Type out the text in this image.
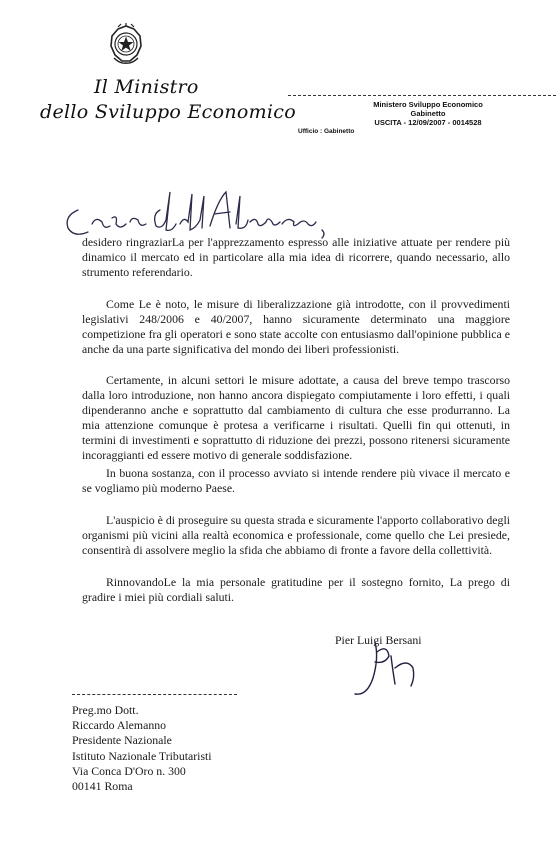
Il Ministro
dello Sviluppo Economico	Ministero Sviluppo Economico
Gabinetto
USCITA - 12/09/2007 - 0014528
Ufficio : Gabinetto
Caro Alemanno,
desidero ringraziarLa per l'apprezzamento espresso alle iniziative attuate per rendere più dinamico il mercato ed in particolare alla mia idea di ricorrere, quando necessario, allo strumento referendario.
Come Le è noto, le misure di liberalizzazione già introdotte, con il provvedimenti legislativi 248/2006 e 40/2007, hanno sicuramente determinato una maggiore competizione fra gli operatori e sono state accolte con entusiasmo dall'opinione pubblica e anche da una parte significativa del mondo dei liberi professionisti.
Certamente, in alcuni settori le misure adottate, a causa del breve tempo trascorso dalla loro introduzione, non hanno ancora dispiegato compiutamente i loro effetti, i quali dipenderanno anche e soprattutto dal cambiamento di cultura che esse produrranno. La mia attenzione comunque è protesa a verificarne i risultati. Quelli fin qui ottenuti, in termini di investimenti e soprattutto di riduzione dei prezzi, possono ritenersi sicuramente incoraggianti ed essere motivo di generale soddisfazione.
In buona sostanza, con il processo avviato si intende rendere più vivace il mercato e se vogliamo più moderno Paese.
L'auspicio è di proseguire su questa strada e sicuramente l'apporto collaborativo degli organismi più vicini alla realtà economica e professionale, come quello che Lei presiede, consentirà di assolvere meglio la sfida che abbiamo di fronte a favore della collettività.
RinnovandoLe la mia personale gratitudine per il sostegno fornito, La prego di gradire i miei più cordiali saluti.
Pier Luigi Bersani
Preg.mo Dott.
Riccardo Alemanno
Presidente Nazionale
Istituto Nazionale Tributaristi
Via Conca D'Oro n. 300
00141 Roma
